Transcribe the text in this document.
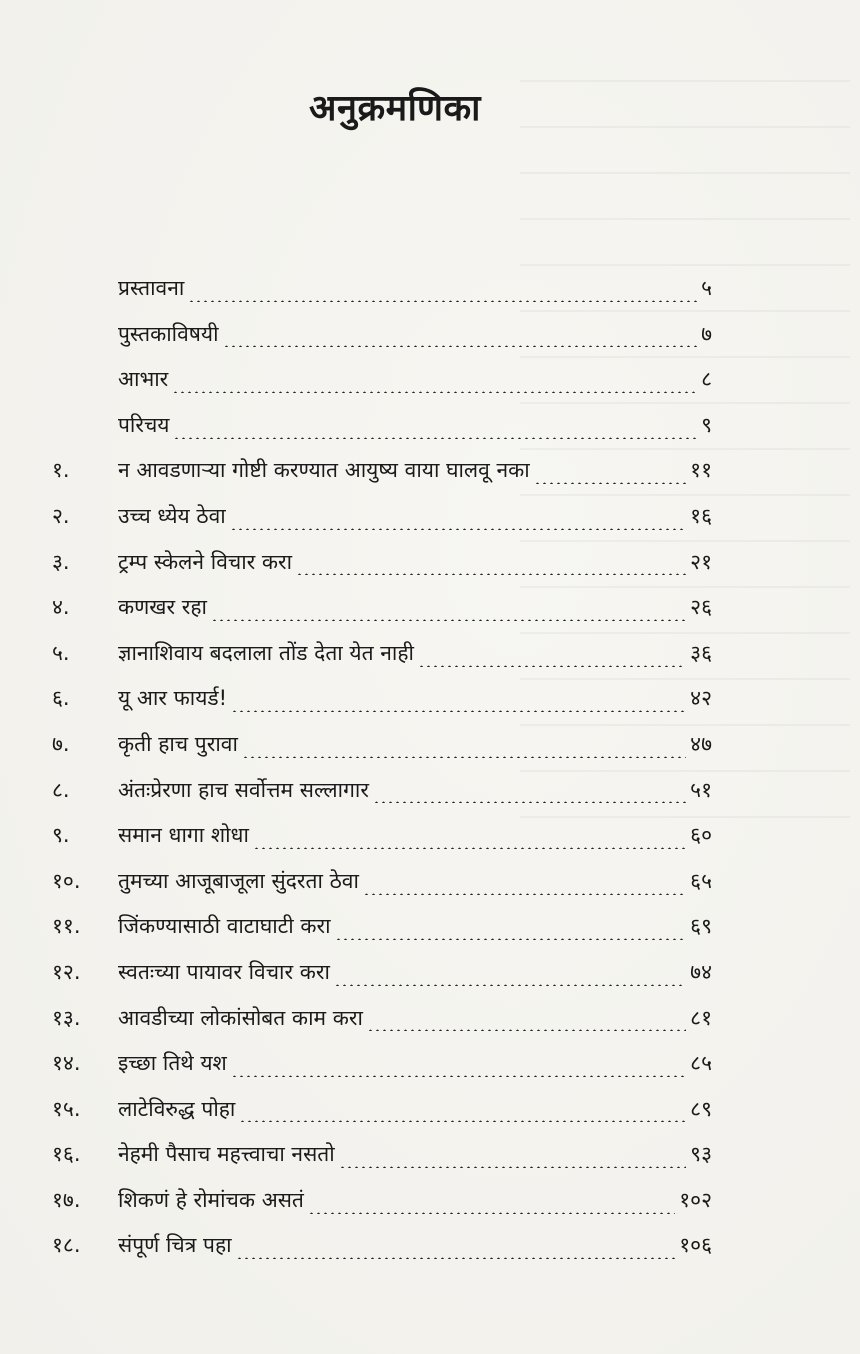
अनुक्रमणिका
प्रस्तावना	५
पुस्तकाविषयी	७
आभार	८
परिचय	९
१.	न आवडणाऱ्या गोष्टी करण्यात आयुष्य वाया घालवू नका	११
२.	उच्च ध्येय ठेवा	१६
३.	ट्रम्प स्केलने विचार करा	२१
४.	कणखर रहा	२६
५.	ज्ञानाशिवाय बदलाला तोंड देता येत नाही	३६
६.	यू आर फायर्ड!	४२
७.	कृती हाच पुरावा	४७
८.	अंतःप्रेरणा हाच सर्वोत्तम सल्लागार	५१
९.	समान धागा शोधा	६०
१०.	तुमच्या आजूबाजूला सुंदरता ठेवा	६५
११.	जिंकण्यासाठी वाटाघाटी करा	६९
१२.	स्वतःच्या पायावर विचार करा	७४
१३.	आवडीच्या लोकांसोबत काम करा	८१
१४.	इच्छा तिथे यश	८५
१५.	लाटेविरुद्ध पोहा	८९
१६.	नेहमी पैसाच महत्त्वाचा नसतो	९३
१७.	शिकणं हे रोमांचक असतं	१०२
१८.	संपूर्ण चित्र पहा	१०६
